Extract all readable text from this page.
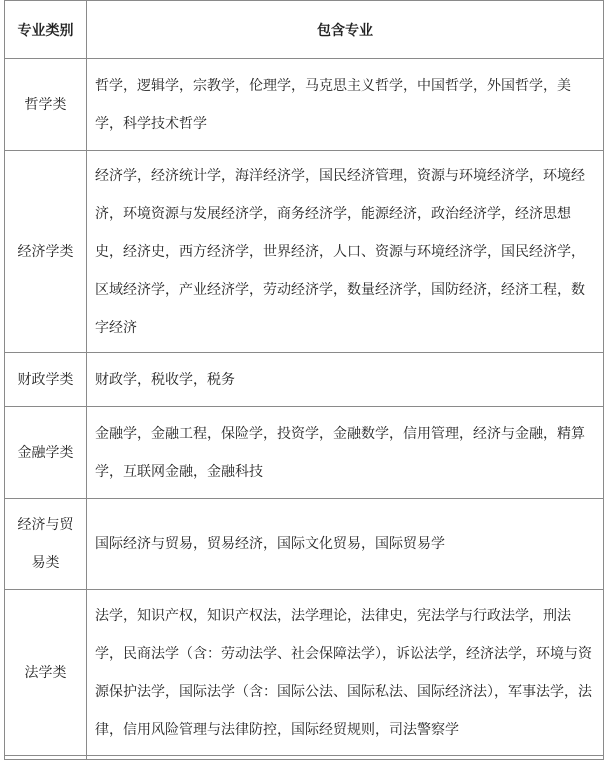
专业类别	包含专业
哲学类	哲学，逻辑学，宗教学，伦理学，马克思主义哲学，中国哲学，外国哲学，美学，科学技术哲学
经济学类	经济学，经济统计学，海洋经济学，国民经济管理，资源与环境经济学，环境经济，环境资源与发展经济学，商务经济学，能源经济，政治经济学，经济思想史，经济史，西方经济学，世界经济，人口、资源与环境经济学，国民经济学，区域经济学，产业经济学，劳动经济学，数量经济学，国防经济，经济工程，数字经济
财政学类	财政学，税收学，税务
金融学类	金融学，金融工程，保险学，投资学，金融数学，信用管理，经济与金融，精算学，互联网金融，金融科技
经济与贸易类	国际经济与贸易，贸易经济，国际文化贸易，国际贸易学
法学类	法学，知识产权，知识产权法，法学理论，法律史，宪法学与行政法学，刑法学，民商法学（含：劳动法学、社会保障法学），诉讼法学，经济法学，环境与资源保护法学，国际法学（含：国际公法、国际私法、国际经济法），军事法学，法律，信用风险管理与法律防控，国际经贸规则，司法警察学
